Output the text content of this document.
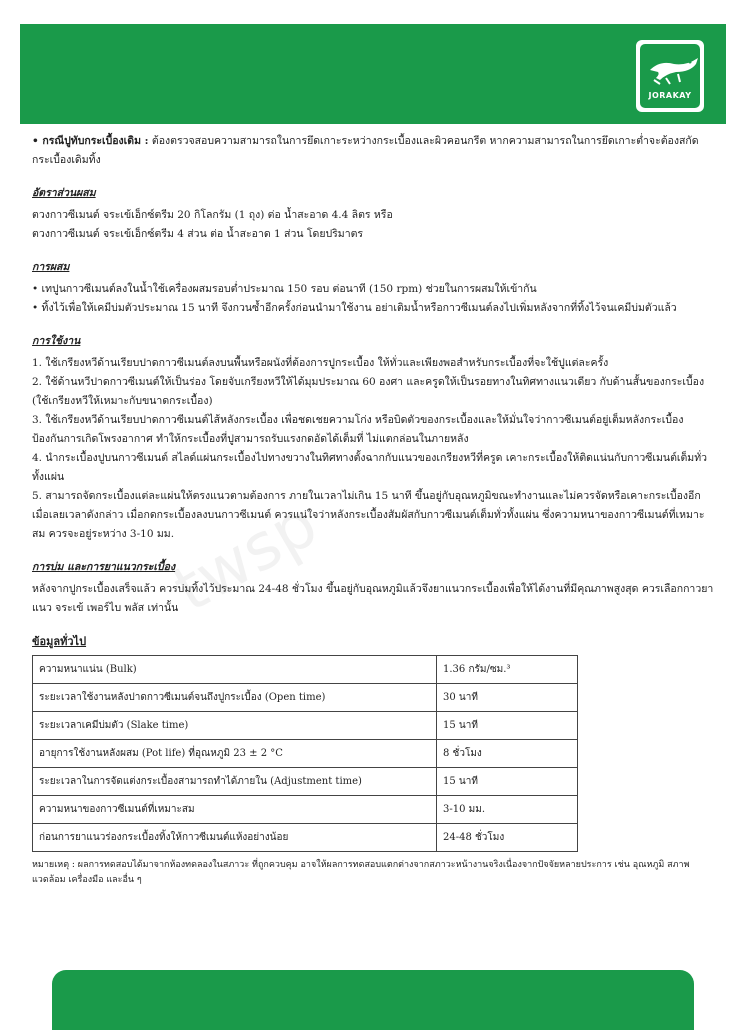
JORAKAY
twsp

• กรณีปูทับกระเบื้องเดิม : ต้องตรวจสอบความสามารถในการยึดเกาะระหว่างกระเบื้องและผิวคอนกรีต หากความสามารถในการยึดเกาะต่ำจะต้องสกัดกระเบื้องเดิมทิ้ง

อัตราส่วนผสม

ตวงกาวซีเมนต์ จระเข้เอ็กซ์ตรีม 20 กิโลกรัม (1 ถุง) ต่อ น้ำสะอาด 4.4 ลิตร หรือ

ตวงกาวซีเมนต์ จระเข้เอ็กซ์ตรีม 4 ส่วน ต่อ น้ำสะอาด 1 ส่วน โดยปริมาตร

การผสม

• เทปูนกาวซีเมนต์ลงในน้ำใช้เครื่องผสมรอบต่ำประมาณ 150 รอบ ต่อนาที (150 rpm) ช่วยในการผสมให้เข้ากัน

• ทิ้งไว้เพื่อให้เคมีบ่มตัวประมาณ 15 นาที จึงกวนซ้ำอีกครั้งก่อนนำมาใช้งาน อย่าเติมน้ำหรือกาวซีเมนต์ลงไปเพิ่มหลังจากที่ทิ้งไว้จนเคมีบ่มตัวแล้ว

การใช้งาน

1. ใช้เกรียงหวีด้านเรียบปาดกาวซีเมนต์ลงบนพื้นหรือผนังที่ต้องการปูกระเบื้อง ให้ทั่วและเพียงพอสำหรับกระเบื้องที่จะใช้ปูแต่ละครั้ง

2. ใช้ด้านหวีปาดกาวซีเมนต์ให้เป็นร่อง โดยจับเกรียงหวีให้ได้มุมประมาณ 60 องศา และครูดให้เป็นรอยทางในทิศทางแนวเดียว กับด้านสั้นของกระเบื้อง (ใช้เกรียงหวีให้เหมาะกับขนาดกระเบื้อง)

3. ใช้เกรียงหวีด้านเรียบปาดกาวซีเมนต์ไส้หลังกระเบื้อง เพื่อชดเชยความโก่ง หรือบิดตัวของกระเบื้องและให้มั่นใจว่ากาวซีเมนต์อยู่เต็มหลังกระเบื้อง ป้องกันการเกิดโพรงอากาศ ทำให้กระเบื้องที่ปูสามารถรับแรงกดอัดได้เต็มที่ ไม่แตกล่อนในภายหลัง

4. นำกระเบื้องปูบนกาวซีเมนต์ สไลด์แผ่นกระเบื้องไปทางขวางในทิศทางตั้งฉากกับแนวของเกรียงหวีที่ครูด เคาะกระเบื้องให้ติดแน่นกับกาวซีเมนต์เต็มทั่วทั้งแผ่น

5. สามารถจัดกระเบื้องแต่ละแผ่นให้ตรงแนวตามต้องการ ภายในเวลาไม่เกิน 15 นาที ขึ้นอยู่กับอุณหภูมิขณะทำงานและไม่ควรจัดหรือเคาะกระเบื้องอีกเมื่อเลยเวลาดังกล่าว เมื่อกดกระเบื้องลงบนกาวซีเมนต์ ควรแน่ใจว่าหลังกระเบื้องสัมผัสกับกาวซีเมนต์เต็มทั่วทั้งแผ่น ซึ่งความหนาของกาวซีเมนต์ที่เหมาะสม ควรจะอยู่ระหว่าง 3-10 มม.

การบ่ม และการยาแนวกระเบื้อง

หลังจากปูกระเบื้องเสร็จแล้ว ควรบ่มทิ้งไว้ประมาณ 24-48 ชั่วโมง ขึ้นอยู่กับอุณหภูมิแล้วจึงยาแนวกระเบื้องเพื่อให้ได้งานที่มีคุณภาพสูงสุด ควรเลือกกาวยาแนว จระเข้ เพอร์ไบ พลัส เท่านั้น

ข้อมูลทั่วไป

ความหนาแน่น (Bulk)	1.36 กรัม/ซม.³
ระยะเวลาใช้งานหลังปาดกาวซีเมนต์จนถึงปูกระเบื้อง (Open time)	30 นาที
ระยะเวลาเคมีบ่มตัว (Slake time)	15 นาที
อายุการใช้งานหลังผสม (Pot life) ที่อุณหภูมิ 23 ± 2 °C	8 ชั่วโมง
ระยะเวลาในการจัดแต่งกระเบื้องสามารถทำได้ภายใน (Adjustment time)	15 นาที
ความหนาของกาวซีเมนต์ที่เหมาะสม	3-10 มม.
ก่อนการยาแนวร่องกระเบื้องทิ้งให้กาวซีเมนต์แห้งอย่างน้อย	24-48 ชั่วโมง

หมายเหตุ : ผลการทดสอบได้มาจากห้องทดลองในสภาวะ ที่ถูกควบคุม อาจให้ผลการทดสอบแตกต่างจากสภาวะหน้างานจริงเนื่องจากปัจจัยหลายประการ เช่น อุณหภูมิ สภาพแวดล้อม เครื่องมือ และอื่น ๆ
